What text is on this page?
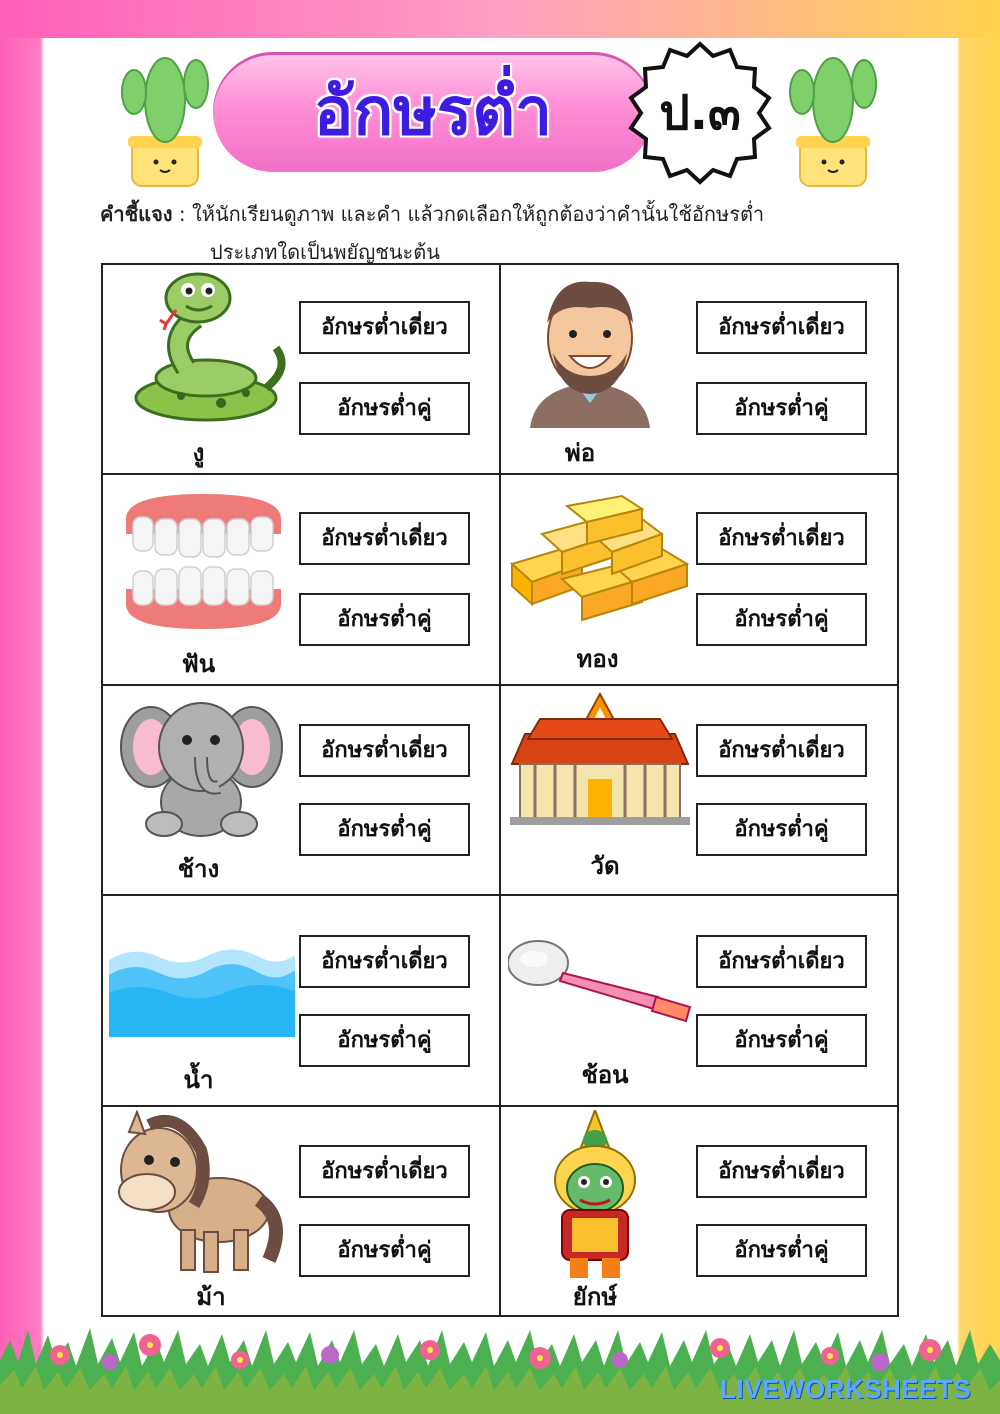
อักษรต่ำ	ป.๓
คำชี้แจง : ให้นักเรียนดูภาพ และคำ แล้วกดเลือกให้ถูกต้องว่าคำนั้นใช้อักษรต่ำ
ประเภทใดเป็นพยัญชนะต้น
งู
อักษรต่ำเดี่ยว
อักษรต่ำคู่
พ่อ
อักษรต่ำเดี่ยว
อักษรต่ำคู่
ฟัน
อักษรต่ำเดี่ยว
อักษรต่ำคู่
ทอง
อักษรต่ำเดี่ยว
อักษรต่ำคู่
ช้าง
อักษรต่ำเดี่ยว
อักษรต่ำคู่
วัด
อักษรต่ำเดี่ยว
อักษรต่ำคู่
น้ำ
อักษรต่ำเดี่ยว
อักษรต่ำคู่
ช้อน
อักษรต่ำเดี่ยว
อักษรต่ำคู่
ม้า
อักษรต่ำเดี่ยว
อักษรต่ำคู่
ยักษ์
อักษรต่ำเดี่ยว
อักษรต่ำคู่
LIVEWORKSHEETS
